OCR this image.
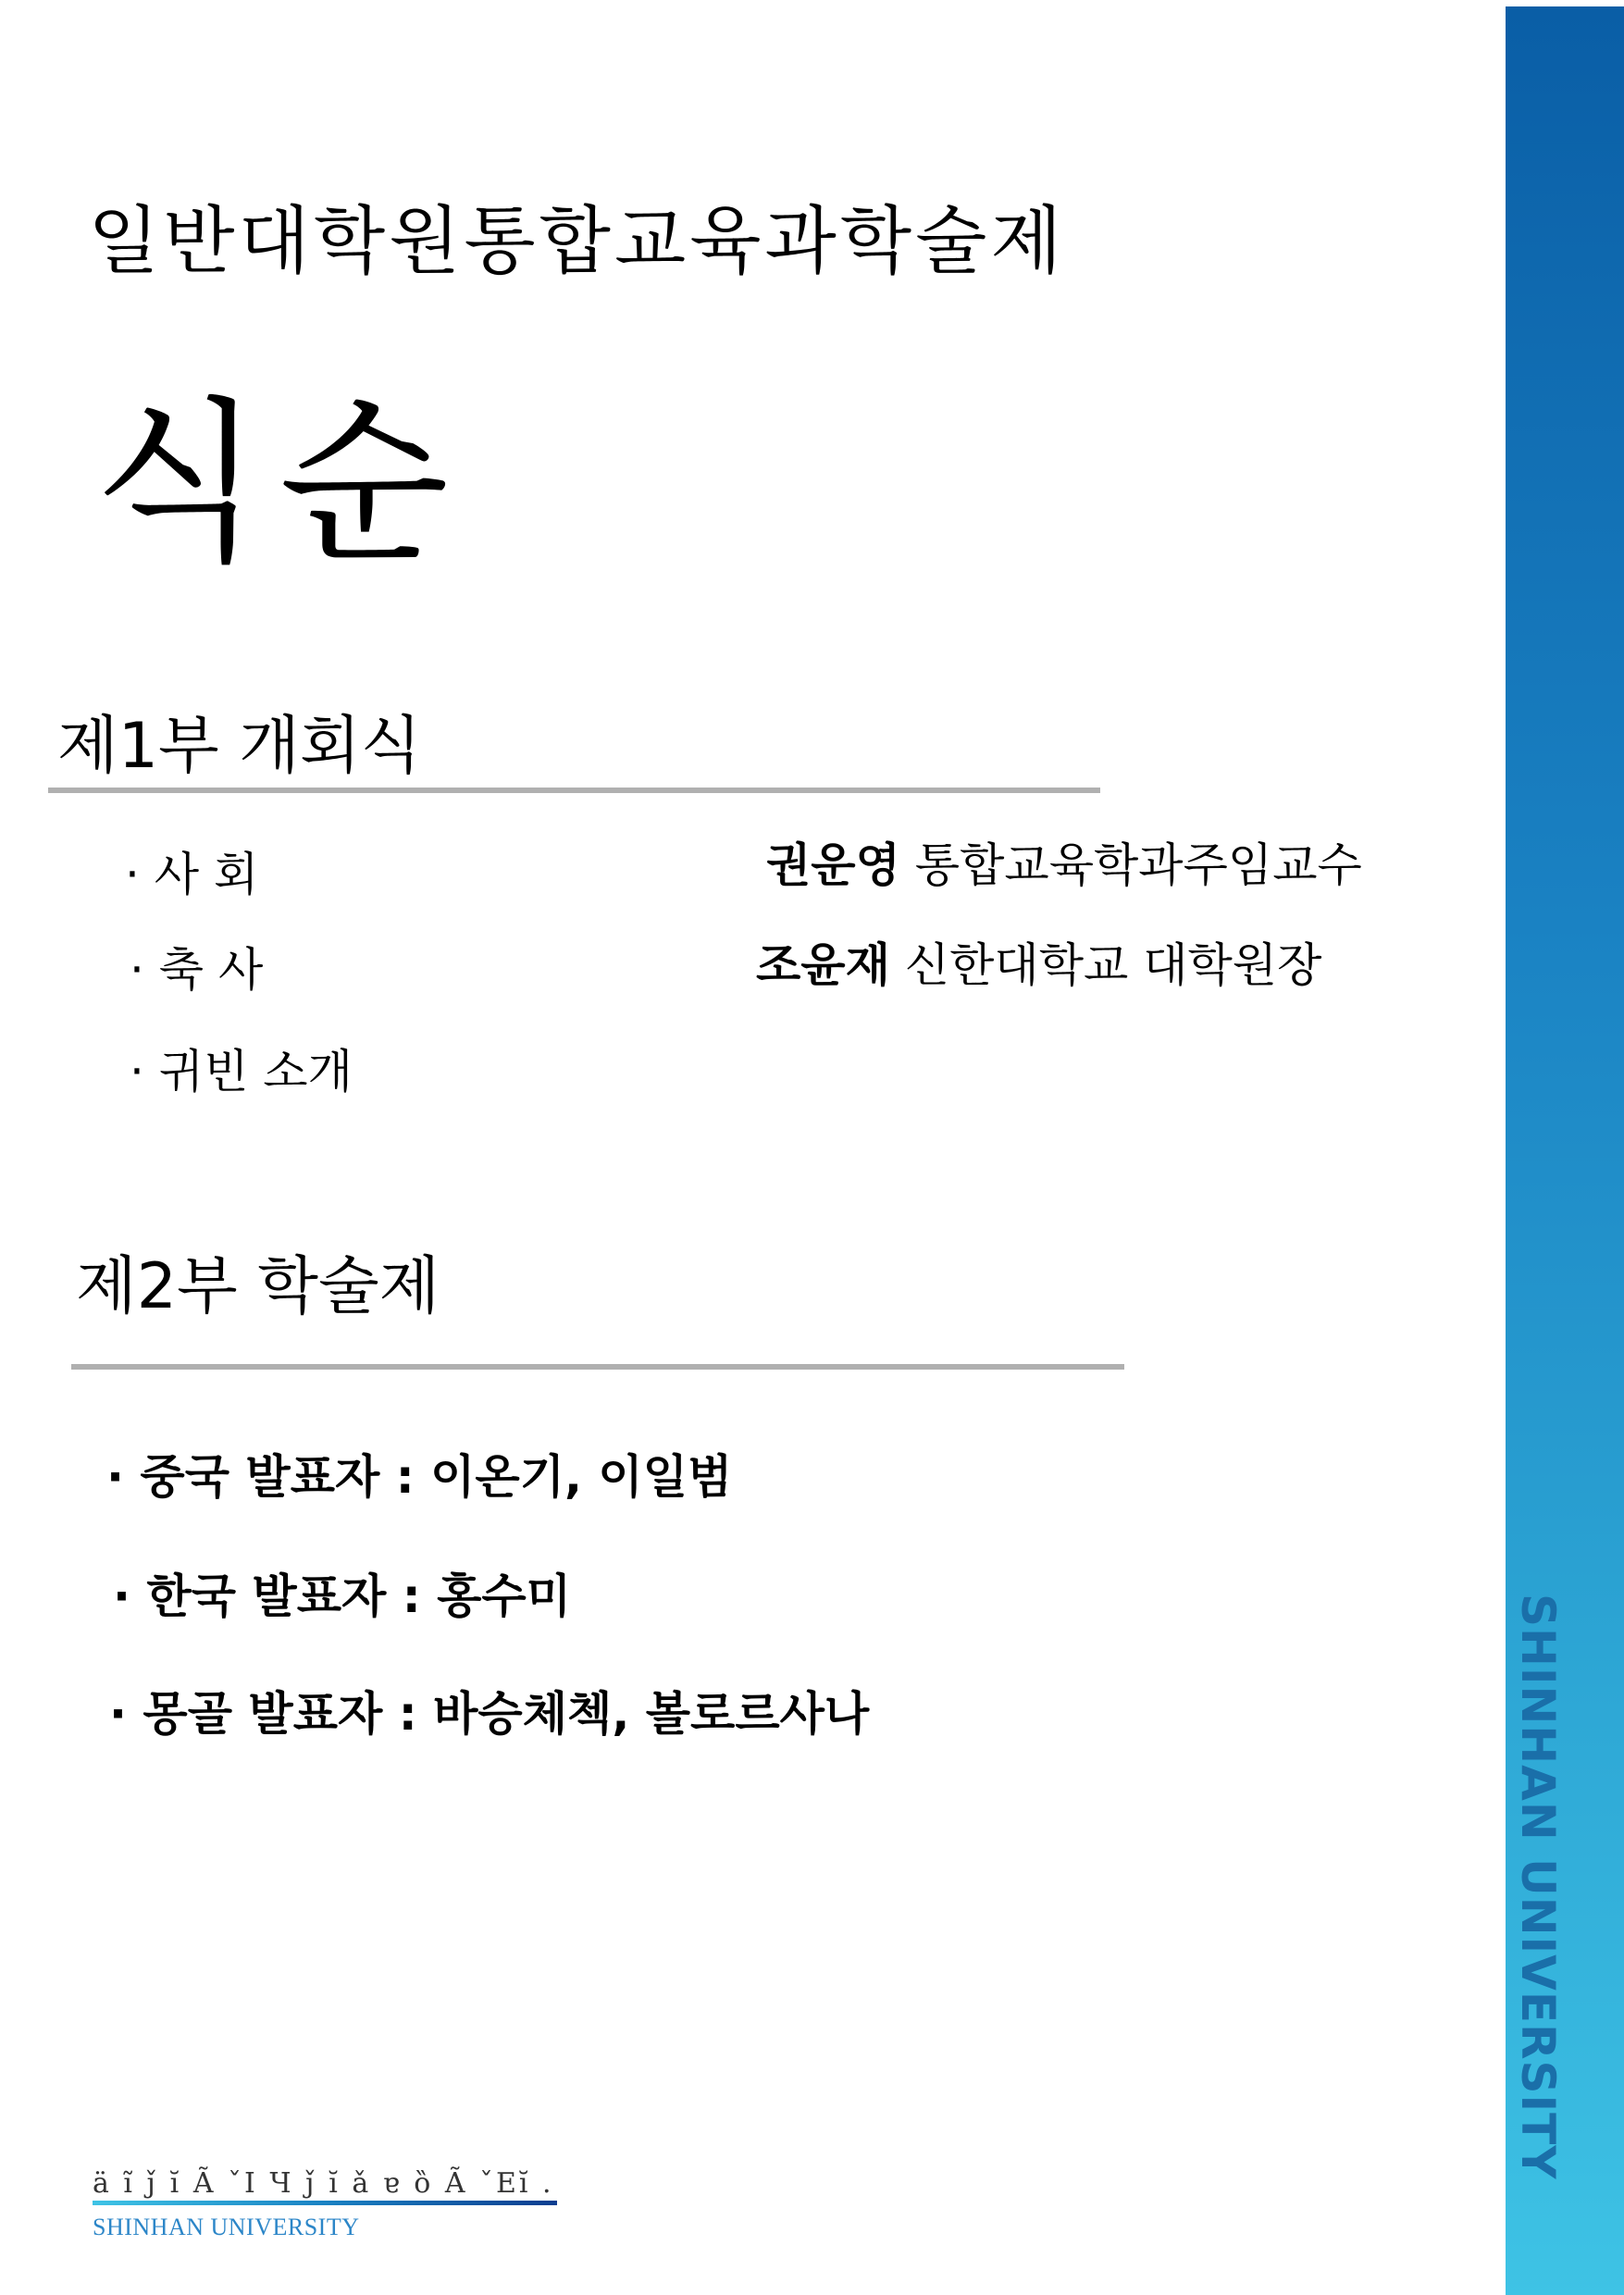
일반대학원통합교육과학술제
식순
제1부 개회식
· 사 회	권운영 통합교육학과주임교수
· 축 사	조윤재 신한대학교 대학원장
· 귀빈 소개
제2부 학술제
· 중국 발표자 : 이온기, 이일범
· 한국 발표자 : 홍수미
· 몽골 발표자 : 바승체첵, 볼로르사나	SHINHAN UNIVERSITY
ä ĩ ǰ ĭ Ã ˇΙ Ч ǰ ĭ ǎ ɐ ȍ Ã ˇΕĭ .
SHINHAN UNIVERSITY
